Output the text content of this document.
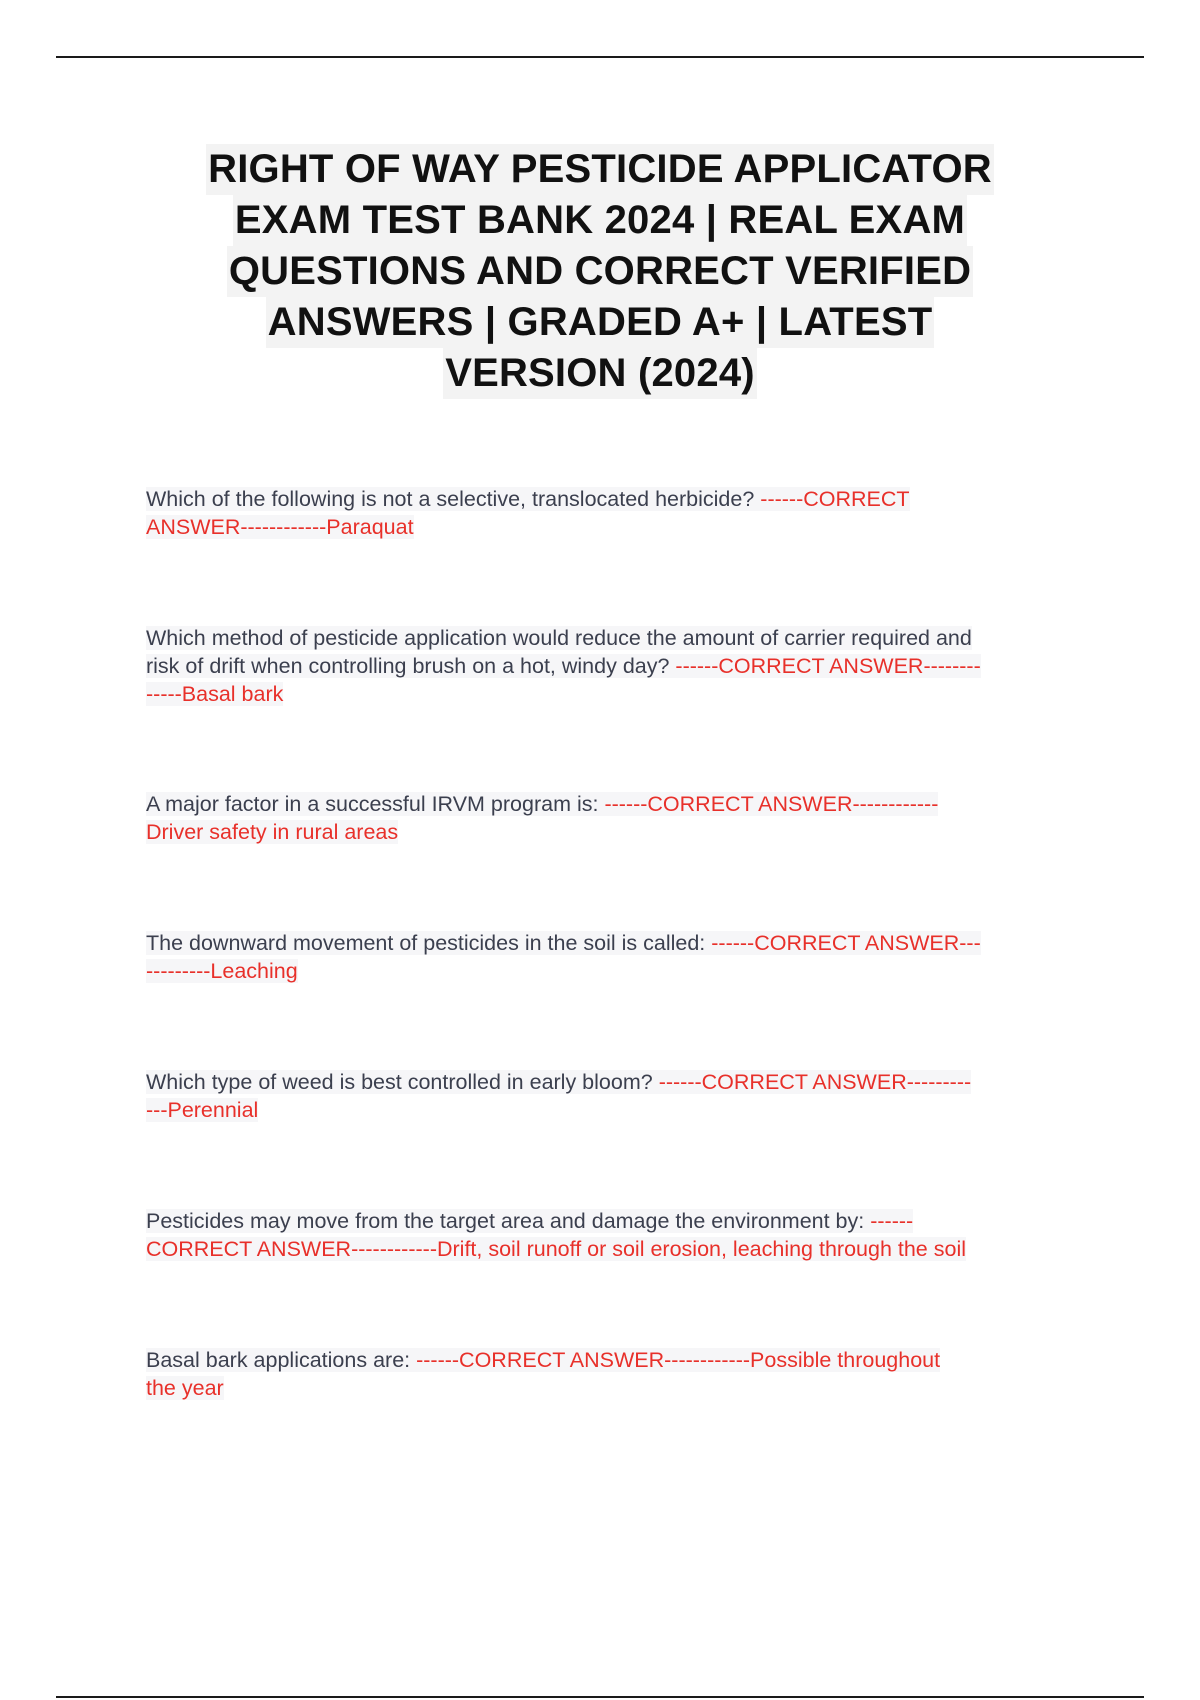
RIGHT OF WAY PESTICIDE APPLICATOR
EXAM TEST BANK 2024 | REAL EXAM
QUESTIONS AND CORRECT VERIFIED
ANSWERS | GRADED A+ | LATEST
VERSION (2024)
Which of the following is not a selective, translocated herbicide? ------CORRECT
ANSWER------------Paraquat
Which method of pesticide application would reduce the amount of carrier required and
risk of drift when controlling brush on a hot, windy day? ------CORRECT ANSWER--------
-----Basal bark
A major factor in a successful IRVM program is: ------CORRECT ANSWER------------
Driver safety in rural areas
The downward movement of pesticides in the soil is called: ------CORRECT ANSWER---
---------Leaching
Which type of weed is best controlled in early bloom? ------CORRECT ANSWER---------
---Perennial
Pesticides may move from the target area and damage the environment by: ------
CORRECT ANSWER------------Drift, soil runoff or soil erosion, leaching through the soil
Basal bark applications are: ------CORRECT ANSWER------------Possible throughout
the year
